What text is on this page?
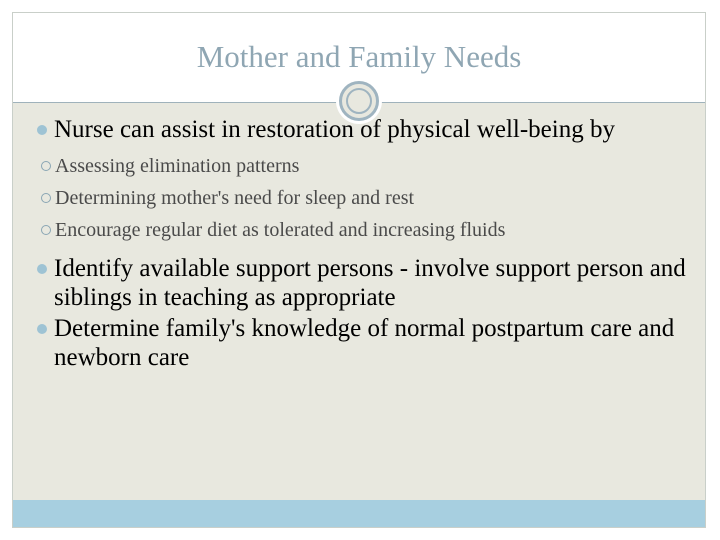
Mother and Family Needs
Nurse can assist in restoration of physical well-being by
Assessing elimination patterns
Determining mother's need for sleep and rest
Encourage regular diet as tolerated and increasing fluids
Identify available support persons - involve support person and siblings in teaching as appropriate
Determine family's knowledge of normal postpartum care and newborn care
